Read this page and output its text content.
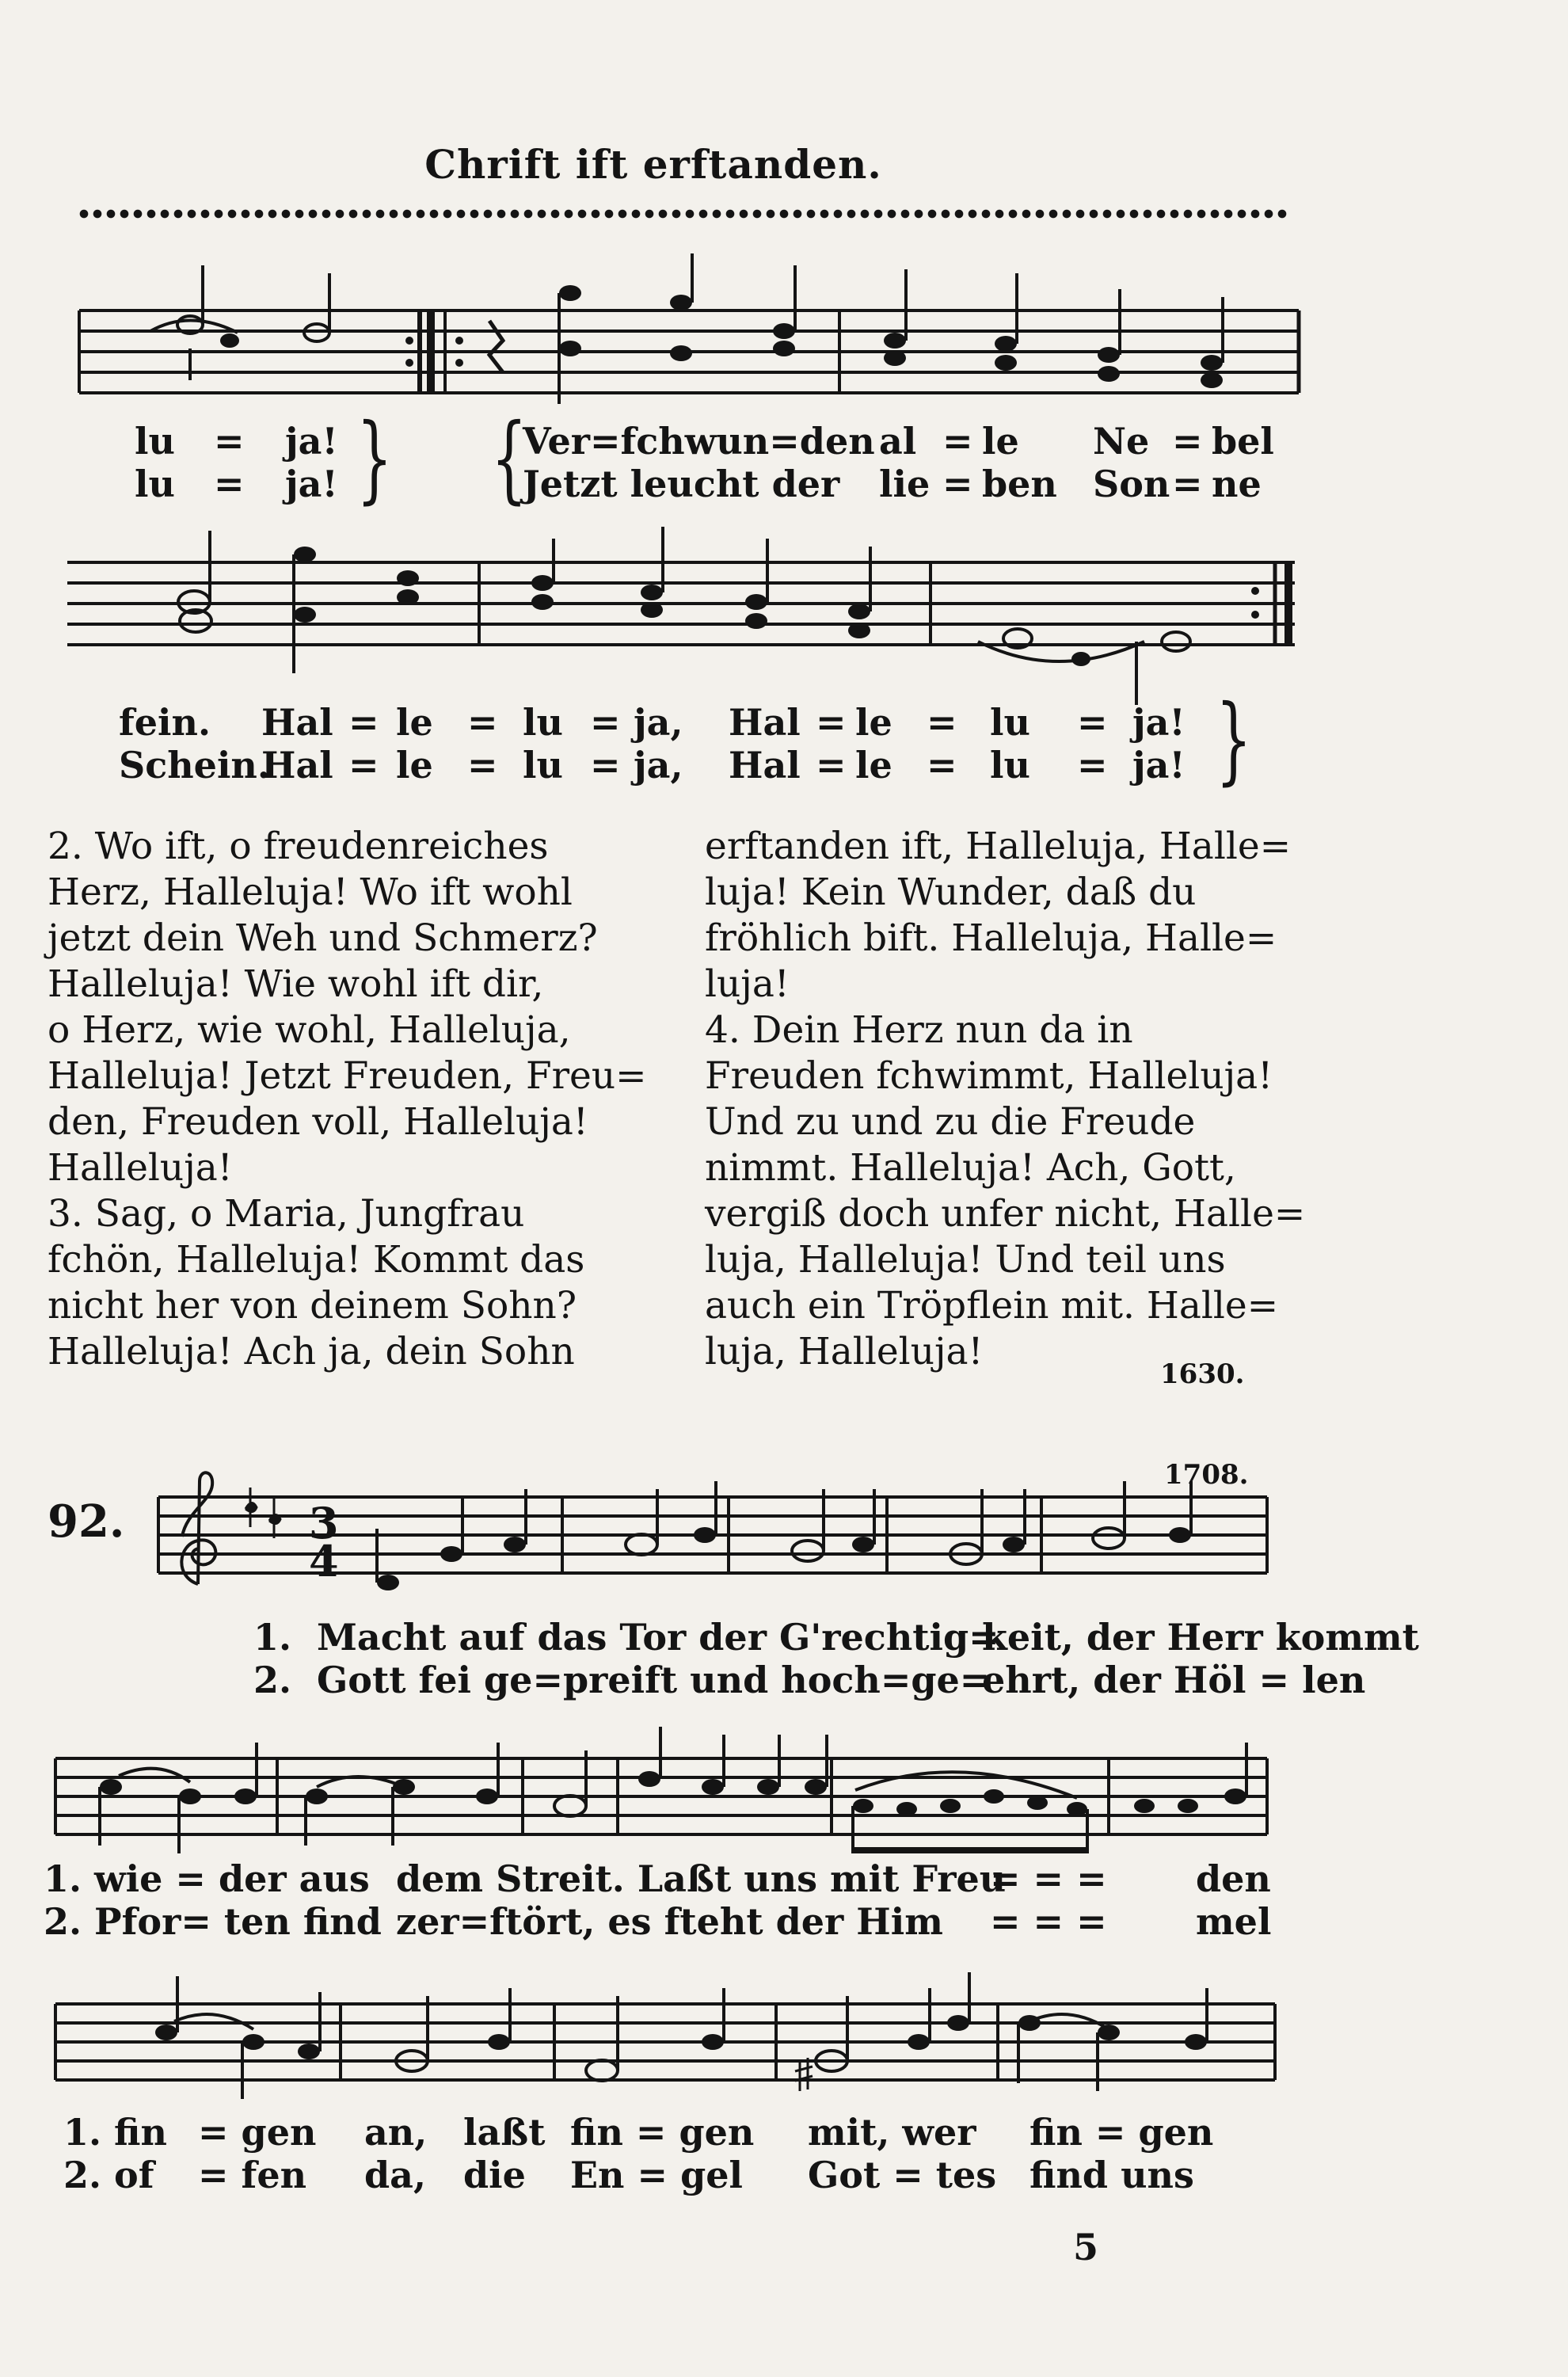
Chrift ift erftanden.
lu
lu
=
=
ja!
ja! } {
Ver=fchwun=den
Jetzt leucht der
al
lie
=
=
le
ben
Ne
Son
=
=
bel
ne
fein.
Schein.
Hal
Hal
=
=
le
le
=
=
lu
lu
=
=
ja,
ja,
Hal
Hal
=
=
le
le
=
=
lu
lu
=
=
ja!
ja! }
2. Wo ift, o freudenreiches
Herz, Halleluja! Wo ift wohl
jetzt dein Weh und Schmerz?
Halleluja! Wie wohl ift dir,
o Herz, wie wohl, Halleluja,
Halleluja! Jetzt Freuden, Freu=
den, Freuden voll, Halleluja!
Halleluja!
3. Sag, o Maria, Jungfrau
fchön, Halleluja! Kommt das
nicht her von deinem Sohn?
Halleluja! Ach ja, dein Sohn
erftanden ift, Halleluja, Halle=
luja! Kein Wunder, daß du
fröhlich bift. Halleluja, Halle=
luja!
4. Dein Herz nun da in
Freuden fchwimmt, Halleluja!
Und zu und zu die Freude
nimmt. Halleluja! Ach, Gott,
vergiß doch unfer nicht, Halle=
luja, Halleluja! Und teil uns
auch ein Tröpflein mit. Halle=
luja, Halleluja!
1630.
92.
1708.
3
4
1.
2.
Macht auf das Tor der G'rechtig=
Gott fei ge=preift und hoch=ge=
keit, der Herr kommt
ehrt, der Höl = len
1. wie = der aus
2. Pfor= ten find
dem Streit. Laßt uns mit Freu
zer=ftört, es fteht der Him
= = =
= = =
den
mel
1. fin
2. of
= gen
= fen
an,
da,
laßt
die
fin = gen
En = gel
mit, wer
Got = tes
fin = gen
find uns
5
